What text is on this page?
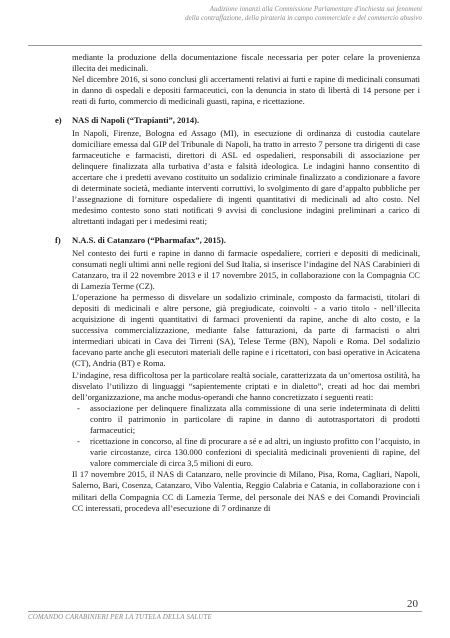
Audizione innanzi alla Commissione Parlamentare d'inchiesta sui fenomeni
della contraffazione, della pirateria in campo commerciale e del commercio abusivo

mediante la produzione della documentazione fiscale necessaria per poter celare la provenienza illecita dei medicinali.

Nel dicembre 2016, si sono conclusi gli accertamenti relativi ai furti e rapine di medicinali consumati in danno di ospedali e depositi farmaceutici, con la denuncia in stato di libertà di 14 persone per i reati di furto, commercio di medicinali guasti, rapina, e ricettazione.

e) NAS di Napoli (“Trapianti”, 2014).

In Napoli, Firenze, Bologna ed Assago (MI), in esecuzione di ordinanza di custodia cautelare domiciliare emessa dal GIP del Tribunale di Napoli, ha tratto in arresto 7 persone tra dirigenti di case farmaceutiche e farmacisti, direttori di ASL ed ospedalieri, responsabili di associazione per delinquere finalizzata alla turbativa d’asta e falsità ideologica. Le indagini hanno consentito di accertare che i predetti avevano costituito un sodalizio criminale finalizzato a condizionare a favore di determinate società, mediante interventi corruttivi, lo svolgimento di gare d’appalto pubbliche per l’assegnazione di forniture ospedaliere di ingenti quantitativi di medicinali ad alto costo. Nel medesimo contesto sono stati notificati 9 avvisi di conclusione indagini preliminari a carico di altrettanti indagati per i medesimi reati;

f) N.A.S. di Catanzaro (“Pharmafax”, 2015).

Nel contesto dei furti e rapine in danno di farmacie ospedaliere, corrieri e depositi di medicinali, consumati negli ultimi anni nelle regioni del Sud Italia, si inserisce l’indagine del NAS Carabinieri di Catanzaro, tra il 22 novembre 2013 e il 17 novembre 2015, in collaborazione con la Compagnia CC di Lamezia Terme (CZ).

L’operazione ha permesso di disvelare un sodalizio criminale, composto da farmacisti, titolari di depositi di medicinali e altre persone, già pregiudicate, coinvolti - a vario titolo - nell’illecita acquisizione di ingenti quantitativi di farmaci provenienti da rapine, anche di alto costo, e la successiva commercializzazione, mediante false fatturazioni, da parte di farmacisti o altri intermediari ubicati in Cava dei Tirreni (SA), Telese Terme (BN), Napoli e Roma. Del sodalizio facevano parte anche gli esecutori materiali delle rapine e i ricettatori, con basi operative in Acicatena (CT), Andria (BT) e Roma.

L’indagine, resa difficoltosa per la particolare realtà sociale, caratterizzata da un’omertosa ostilità, ha disvelato l’utilizzo di linguaggi “sapientemente criptati e in dialetto”, creati ad hoc dai membri dell’organizzazione, ma anche modus-operandi che hanno concretizzato i seguenti reati:

- associazione per delinquere finalizzata alla commissione di una serie indeterminata di delitti contro il patrimonio in particolare di rapine in danno di autotrasportatori di prodotti farmaceutici;
- ricettazione in concorso, al fine di procurare a sé e ad altri, un ingiusto profitto con l’acquisto, in varie circostanze, circa 130.000 confezioni di specialità medicinali provenienti di rapine, del valore commerciale di circa 3,5 milioni di euro.

Il 17 novembre 2015, il NAS di Catanzaro, nelle provincie di Milano, Pisa, Roma, Cagliari, Napoli, Salerno, Bari, Cosenza, Catanzaro, Vibo Valentia, Reggio Calabria e Catania, in collaborazione con i militari della Compagnia CC di Lamezia Terme, del personale dei NAS e dei Comandi Provinciali CC interessati, procedeva all’esecuzione di 7 ordinanze di

20
COMANDO CARABINIERI PER LA TUTELA DELLA SALUTE
